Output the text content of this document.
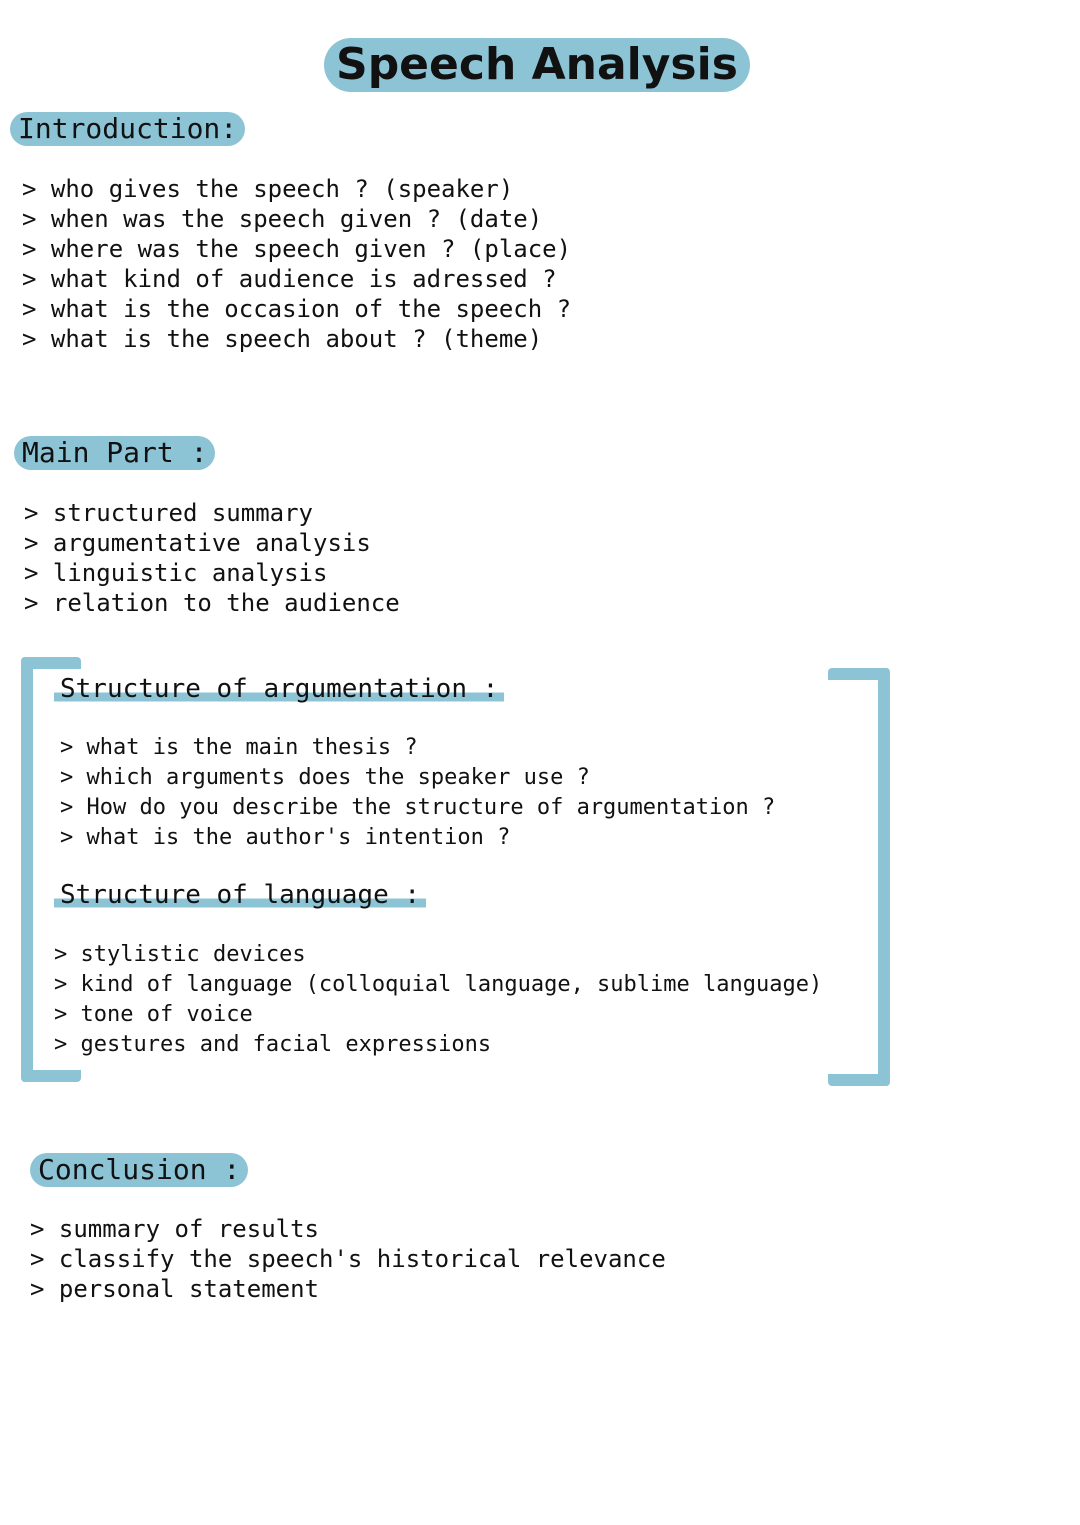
Speech Analysis
Introduction:
> who gives the speech ? (speaker)
> when was the speech given ? (date)
> where was the speech given ? (place)
> what kind of audience is adressed ?
> what is the occasion of the speech ?
> what is the speech about ? (theme)
Main Part :
> structured summary
> argumentative analysis
> linguistic analysis
> relation to the audience
Structure of argumentation :
> what is the main thesis ?
> which arguments does the speaker use ?
> How do you describe the structure of argumentation ?
> what is the author's intention ?
Structure of language :
> stylistic devices
> kind of language (colloquial language, sublime language)
> tone of voice
> gestures and facial expressions
Conclusion :
> summary of results
> classify the speech's historical relevance
> personal statement
